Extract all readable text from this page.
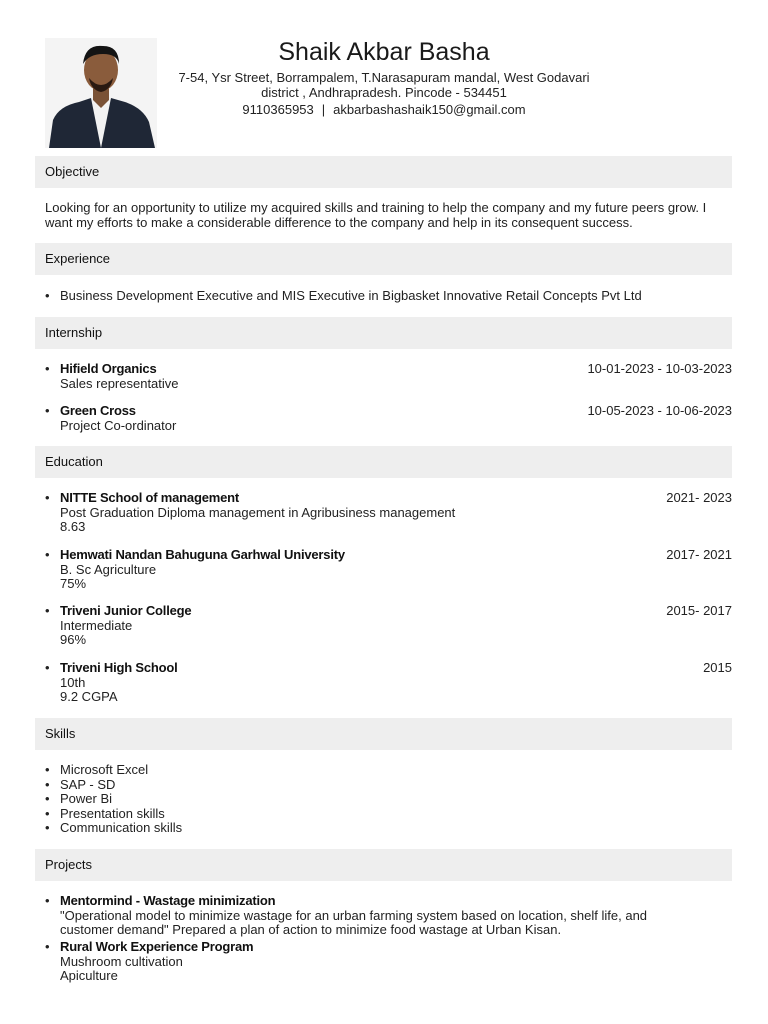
Shaik Akbar Basha
7-54, Ysr Street, Borrampalem, T.Narasapuram mandal, West Godavari district , Andhrapradesh. Pincode - 534451
9110365953 | akbarbashashaik150@gmail.com
Objective
Looking for an opportunity to utilize my acquired skills and training to help the company and my future peers grow. I want my efforts to make a considerable difference to the company and help in its consequent success.
Experience
• Business Development Executive and MIS Executive in Bigbasket Innovative Retail Concepts Pvt Ltd
Internship
• Hifield Organics
Sales representative
10-01-2023 - 10-03-2023
• Green Cross
Project Co-ordinator
10-05-2023 - 10-06-2023
Education
• NITTE School of management
Post Graduation Diploma management in Agribusiness management
8.63
2021- 2023
• Hemwati Nandan Bahuguna Garhwal University
B. Sc Agriculture
75%
2017- 2021
• Triveni Junior College
Intermediate
96%
2015- 2017
• Triveni High School
10th
9.2 CGPA
2015
Skills
• Microsoft Excel
• SAP - SD
• Power Bi
• Presentation skills
• Communication skills
Projects
• Mentormind - Wastage minimization
"Operational model to minimize wastage for an urban farming system based on location, shelf life, and customer demand" Prepared a plan of action to minimize food wastage at Urban Kisan.
• Rural Work Experience Program
Mushroom cultivation
Apiculture
